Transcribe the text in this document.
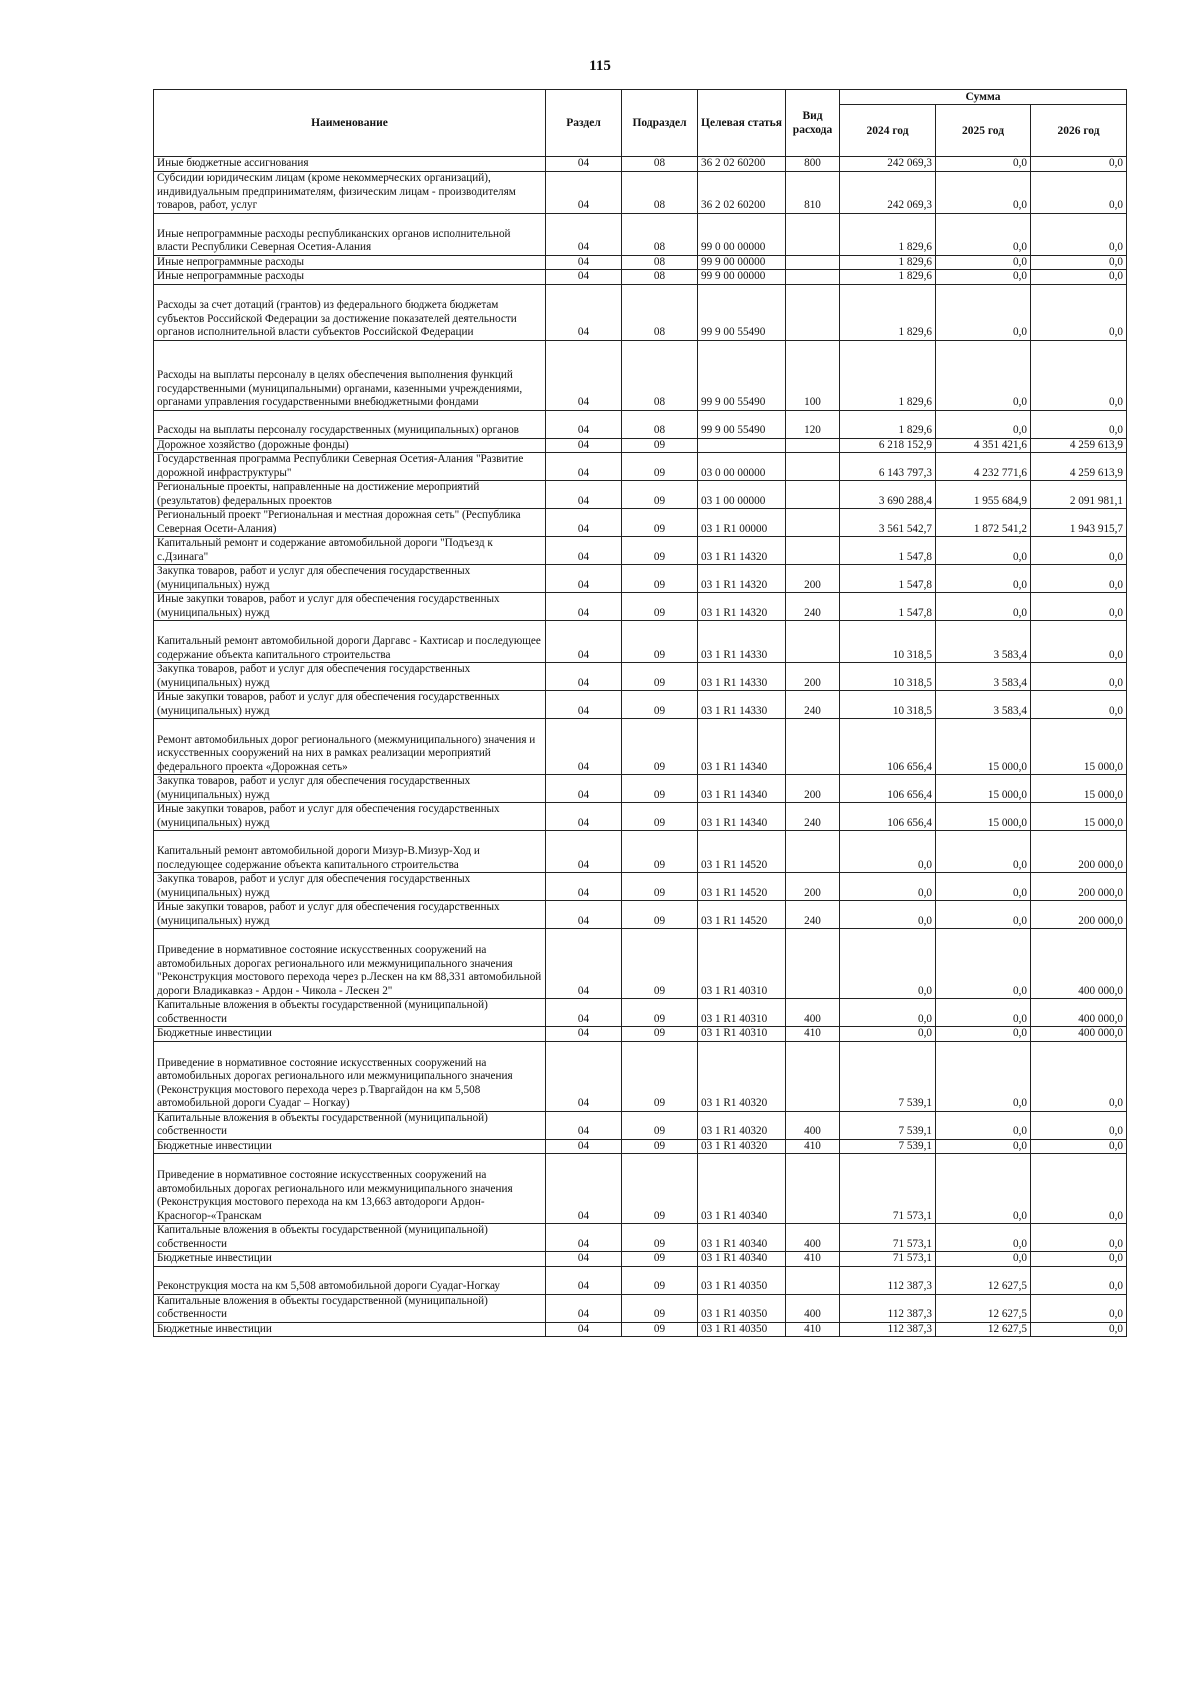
115
Наименование	Раздел	Подраздел	Целевая статья	Вид расхода	Сумма		
					2024 год	2025 год	2026 год
Иные бюджетные ассигнования	04	08	36 2 02 60200	800	242 069,3	0,0	0,0
Субсидии юридическим лицам (кроме некоммерческих организаций), индивидуальным предпринимателям, физическим лицам - производителям товаров, работ, услуг	04	08	36 2 02 60200	810	242 069,3	0,0	0,0
Иные непрограммные расходы республиканских органов исполнительной власти Республики Северная Осетия-Алания	04	08	99 0 00 00000		1 829,6	0,0	0,0
Иные непрограммные расходы	04	08	99 9 00 00000		1 829,6	0,0	0,0
Иные непрограммные расходы	04	08	99 9 00 00000		1 829,6	0,0	0,0
Расходы за счет дотаций (грантов) из федерального бюджета бюджетам субъектов Российской Федерации за достижение показателей деятельности органов исполнительной власти субъектов Российской Федерации	04	08	99 9 00 55490		1 829,6	0,0	0,0
Расходы на выплаты персоналу в целях обеспечения выполнения функций государственными (муниципальными) органами, казенными учреждениями, органами управления государственными внебюджетными фондами	04	08	99 9 00 55490	100	1 829,6	0,0	0,0
Расходы на выплаты персоналу государственных (муниципальных) органов	04	08	99 9 00 55490	120	1 829,6	0,0	0,0
Дорожное хозяйство (дорожные фонды)	04	09			6 218 152,9	4 351 421,6	4 259 613,9
Государственная программа Республики Северная Осетия-Алания "Развитие дорожной инфраструктуры"	04	09	03 0 00 00000		6 143 797,3	4 232 771,6	4 259 613,9
Региональные проекты, направленные на достижение мероприятий (результатов) федеральных проектов	04	09	03 1 00 00000		3 690 288,4	1 955 684,9	2 091 981,1
Региональный проект "Региональная и местная дорожная сеть" (Республика Северная Осети-Алания)	04	09	03 1 R1 00000		3 561 542,7	1 872 541,2	1 943 915,7
Капитальный ремонт и содержание автомобильной дороги "Подъезд к с.Дзинага"	04	09	03 1 R1 14320		1 547,8	0,0	0,0
Закупка товаров, работ и услуг для обеспечения государственных (муниципальных) нужд	04	09	03 1 R1 14320	200	1 547,8	0,0	0,0
Иные закупки товаров, работ и услуг для обеспечения государственных (муниципальных) нужд	04	09	03 1 R1 14320	240	1 547,8	0,0	0,0
Капитальный ремонт автомобильной дороги Даргавс - Кахтисар и последующее содержание объекта капитального строительства	04	09	03 1 R1 14330		10 318,5	3 583,4	0,0
Закупка товаров, работ и услуг для обеспечения государственных (муниципальных) нужд	04	09	03 1 R1 14330	200	10 318,5	3 583,4	0,0
Иные закупки товаров, работ и услуг для обеспечения государственных (муниципальных) нужд	04	09	03 1 R1 14330	240	10 318,5	3 583,4	0,0
Ремонт автомобильных дорог регионального (межмуниципального) значения и искусственных сооружений на них в рамках реализации мероприятий федерального проекта «Дорожная сеть»	04	09	03 1 R1 14340		106 656,4	15 000,0	15 000,0
Закупка товаров, работ и услуг для обеспечения государственных (муниципальных) нужд	04	09	03 1 R1 14340	200	106 656,4	15 000,0	15 000,0
Иные закупки товаров, работ и услуг для обеспечения государственных (муниципальных) нужд	04	09	03 1 R1 14340	240	106 656,4	15 000,0	15 000,0
Капитальный ремонт автомобильной дороги Мизур-В.Мизур-Ход и последующее содержание объекта капитального строительства	04	09	03 1 R1 14520		0,0	0,0	200 000,0
Закупка товаров, работ и услуг для обеспечения государственных (муниципальных) нужд	04	09	03 1 R1 14520	200	0,0	0,0	200 000,0
Иные закупки товаров, работ и услуг для обеспечения государственных (муниципальных) нужд	04	09	03 1 R1 14520	240	0,0	0,0	200 000,0
Приведение в нормативное состояние искусственных сооружений на автомобильных дорогах регионального или межмуниципального значения "Реконструкция мостового перехода через р.Лескен на км 88,331 автомобильной дороги Владикавказ - Ардон - Чикола - Лескен 2"	04	09	03 1 R1 40310		0,0	0,0	400 000,0
Капитальные вложения в объекты государственной (муниципальной) собственности	04	09	03 1 R1 40310	400	0,0	0,0	400 000,0
Бюджетные инвестиции	04	09	03 1 R1 40310	410	0,0	0,0	400 000,0
Приведение в нормативное состояние искусственных сооружений на автомобильных дорогах регионального или межмуниципального значения (Реконструкция мостового перехода через р.Тваргайдон на км 5,508 автомобильной дороги Суадаг – Ногкау)	04	09	03 1 R1 40320		7 539,1	0,0	0,0
Капитальные вложения в объекты государственной (муниципальной) собственности	04	09	03 1 R1 40320	400	7 539,1	0,0	0,0
Бюджетные инвестиции	04	09	03 1 R1 40320	410	7 539,1	0,0	0,0
Приведение в нормативное состояние искусственных сооружений на автомобильных дорогах регионального или межмуниципального значения (Реконструкция мостового перехода на км 13,663 автодороги Ардон-Красногор-«Транскам	04	09	03 1 R1 40340		71 573,1	0,0	0,0
Капитальные вложения в объекты государственной (муниципальной) собственности	04	09	03 1 R1 40340	400	71 573,1	0,0	0,0
Бюджетные инвестиции	04	09	03 1 R1 40340	410	71 573,1	0,0	0,0
Реконструкция моста на км 5,508 автомобильной дороги Суадаг-Ногкау	04	09	03 1 R1 40350		112 387,3	12 627,5	0,0
Капитальные вложения в объекты государственной (муниципальной) собственности	04	09	03 1 R1 40350	400	112 387,3	12 627,5	0,0
Бюджетные инвестиции	04	09	03 1 R1 40350	410	112 387,3	12 627,5	0,0
